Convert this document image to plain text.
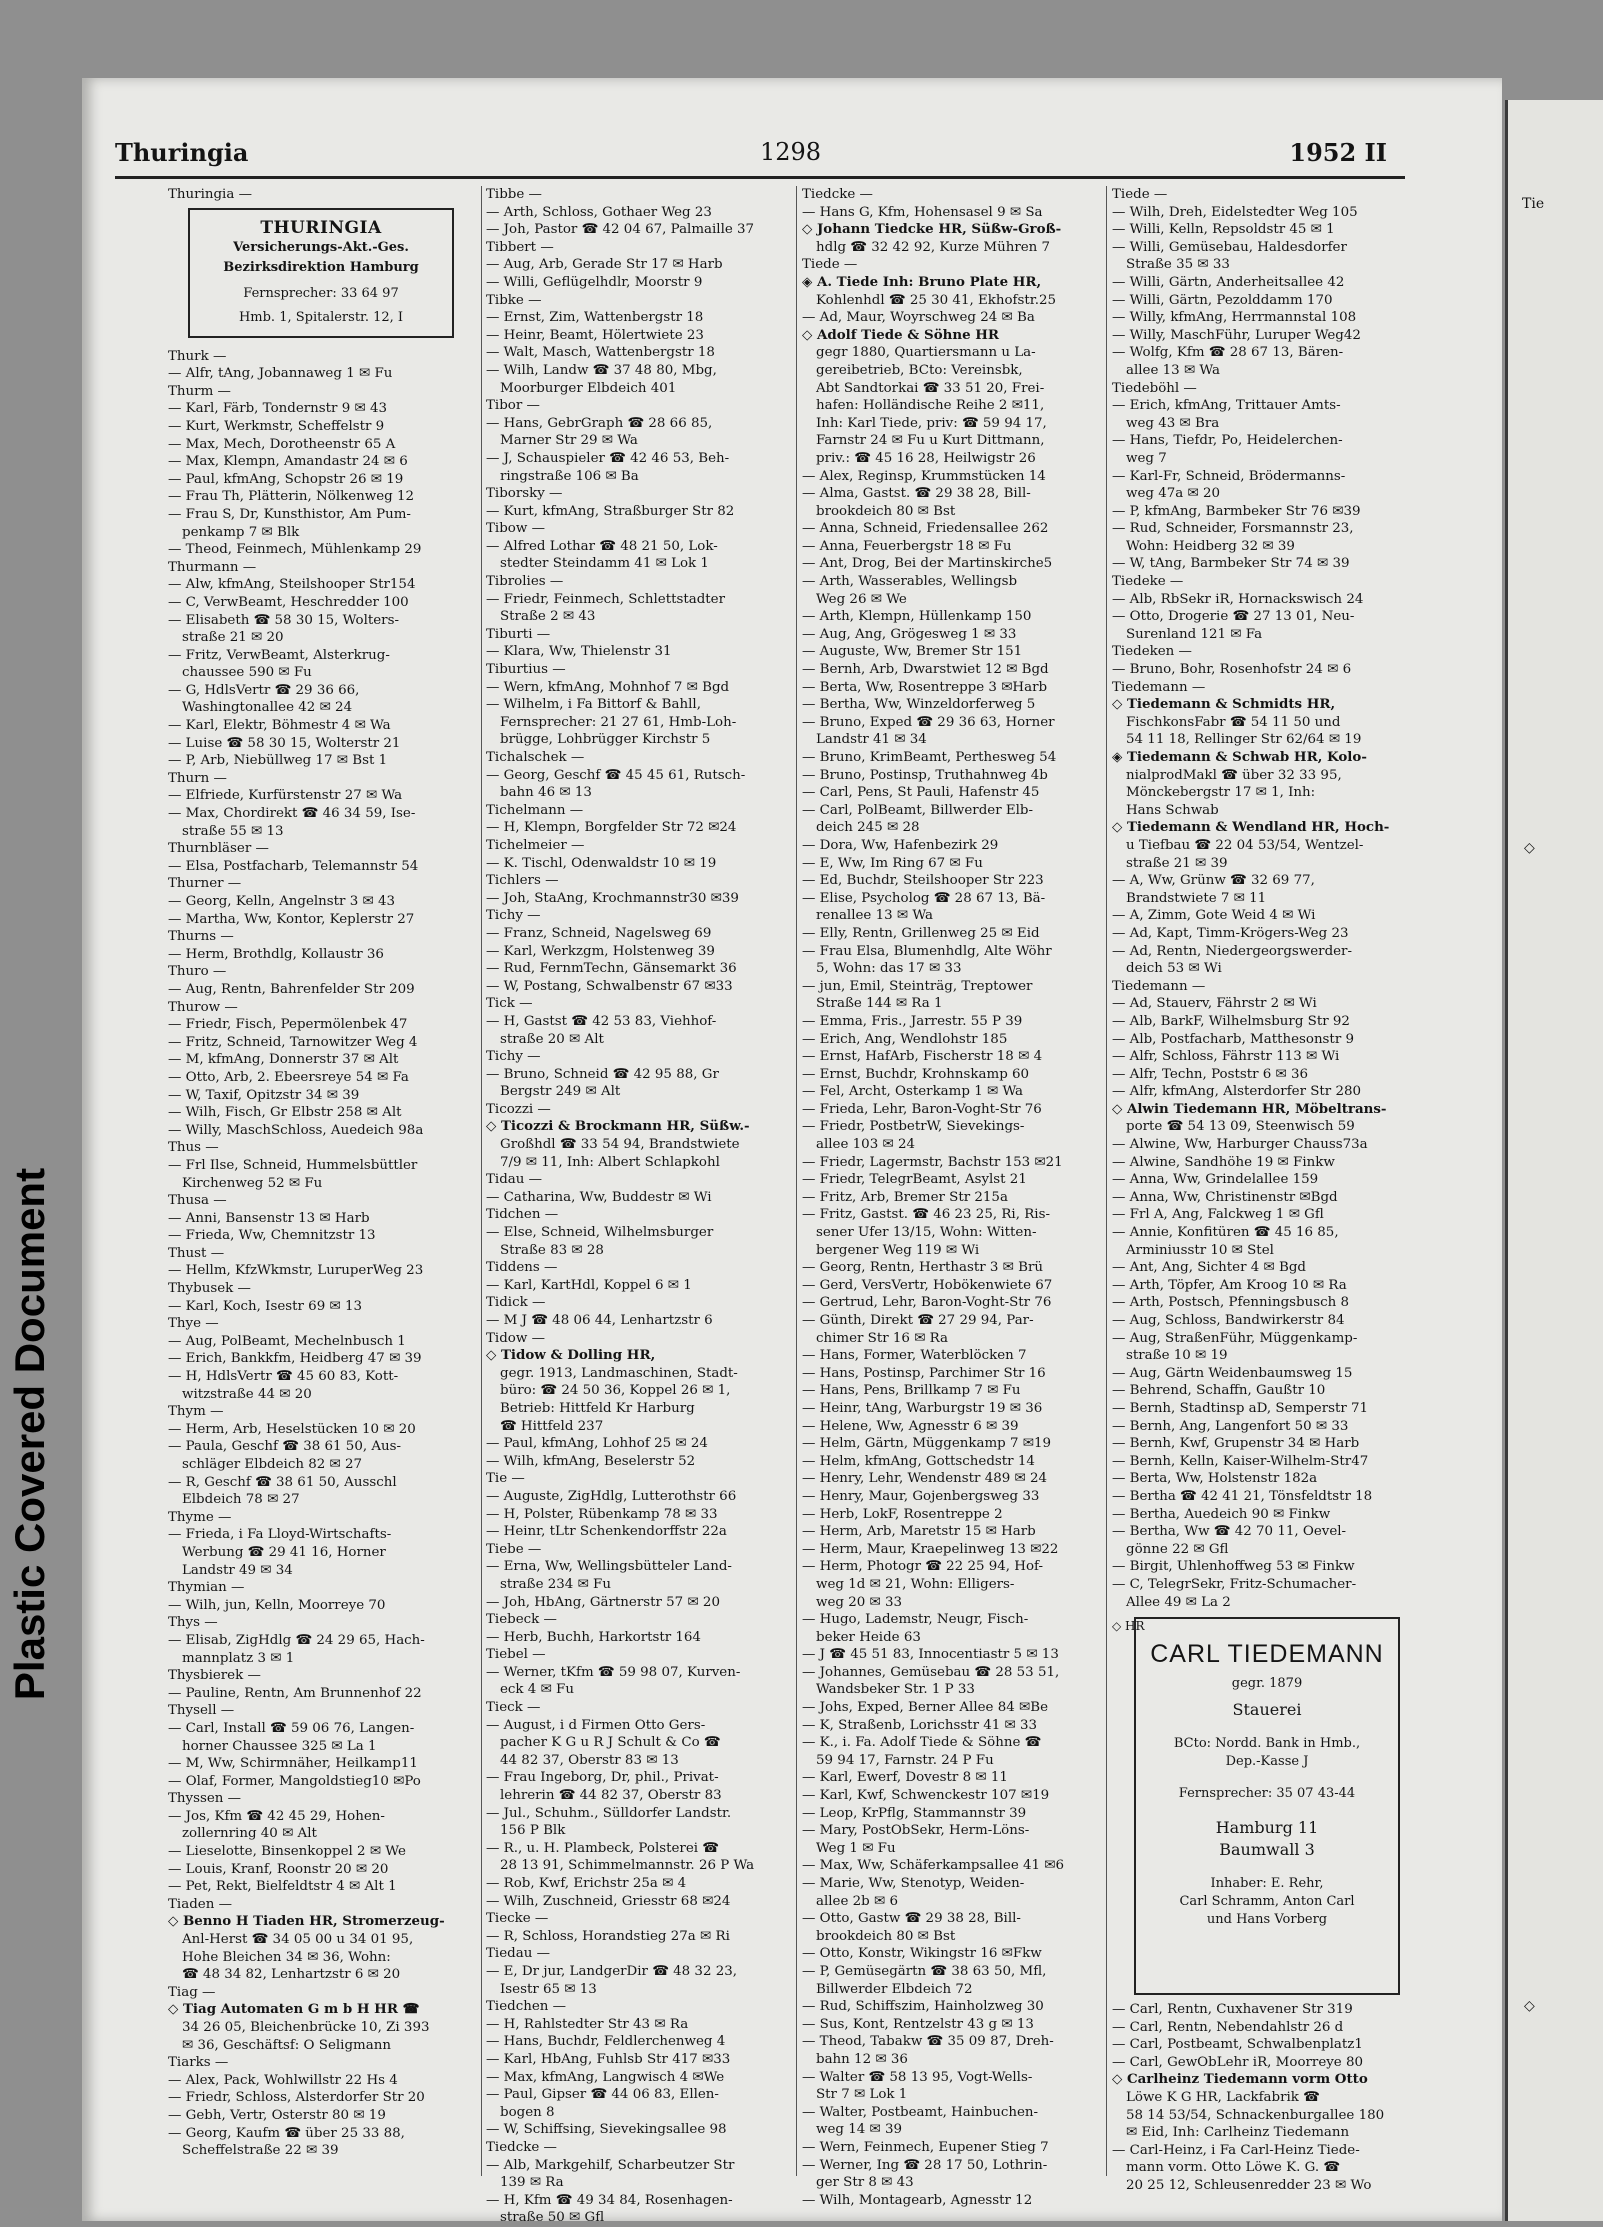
Plastic Covered Document
Tie
◇
◇
Thuringia	1298	1952 II
Thuringia —
THURINGIA
Versicherungs-Akt.-Ges.
Bezirksdirektion Hamburg
Fernsprecher: 33 64 97
Hmb. 1, Spitalerstr. 12, I
Thurk —
— Alfr, tAng, Jobannaweg 1 ✉ Fu
Thurm —
— Karl, Färb, Tondernstr 9 ✉ 43
— Kurt, Werkmstr, Scheffelstr 9
— Max, Mech, Dorotheenstr 65 A
— Max, Klempn, Amandastr 24 ✉ 6
— Paul, kfmAng, Schopstr 26 ✉ 19
— Frau Th, Plätterin, Nölkenweg 12
— Frau S, Dr, Kunsthistor, Am Pum-
penkamp 7 ✉ Blk
— Theod, Feinmech, Mühlenkamp 29
Thurmann —
— Alw, kfmAng, Steilshooper Str154
— C, VerwBeamt, Heschredder 100
— Elisabeth ☎ 58 30 15, Wolters-
straße 21 ✉ 20
— Fritz, VerwBeamt, Alsterkrug-
chaussee 590 ✉ Fu
— G, HdlsVertr ☎ 29 36 66,
Washingtonallee 42 ✉ 24
— Karl, Elektr, Böhmestr 4 ✉ Wa
— Luise ☎ 58 30 15, Wolterstr 21
— P, Arb, Niebüllweg 17 ✉ Bst 1
Thurn —
— Elfriede, Kurfürstenstr 27 ✉ Wa
— Max, Chordirekt ☎ 46 34 59, Ise-
straße 55 ✉ 13
Thurnbläser —
— Elsa, Postfacharb, Telemannstr 54
Thurner —
— Georg, Kelln, Angelnstr 3 ✉ 43
— Martha, Ww, Kontor, Keplerstr 27
Thurns —
— Herm, Brothdlg, Kollaustr 36
Thuro —
— Aug, Rentn, Bahrenfelder Str 209
Thurow —
— Friedr, Fisch, Pepermölenbek 47
— Fritz, Schneid, Tarnowitzer Weg 4
— M, kfmAng, Donnerstr 37 ✉ Alt
— Otto, Arb, 2. Ebeersreye 54 ✉ Fa
— W, Taxif, Opitzstr 34 ✉ 39
— Wilh, Fisch, Gr Elbstr 258 ✉ Alt
— Willy, MaschSchloss, Auedeich 98a
Thus —
— Frl Ilse, Schneid, Hummelsbüttler
Kirchenweg 52 ✉ Fu
Thusa —
— Anni, Bansenstr 13 ✉ Harb
— Frieda, Ww, Chemnitzstr 13
Thust —
— Hellm, KfzWkmstr, LuruperWeg 23
Thybusek —
— Karl, Koch, Isestr 69 ✉ 13
Thye —
— Aug, PolBeamt, Mechelnbusch 1
— Erich, Bankkfm, Heidberg 47 ✉ 39
— H, HdlsVertr ☎ 45 60 83, Kott-
witzstraße 44 ✉ 20
Thym —
— Herm, Arb, Heselstücken 10 ✉ 20
— Paula, Geschf ☎ 38 61 50, Aus-
schläger Elbdeich 82 ✉ 27
— R, Geschf ☎ 38 61 50, Ausschl
Elbdeich 78 ✉ 27
Thyme —
— Frieda, i Fa Lloyd-Wirtschafts-
Werbung ☎ 29 41 16, Horner
Landstr 49 ✉ 34
Thymian —
— Wilh, jun, Kelln, Moorreye 70
Thys —
— Elisab, ZigHdlg ☎ 24 29 65, Hach-
mannplatz 3 ✉ 1
Thysbierek —
— Pauline, Rentn, Am Brunnenhof 22
Thysell —
— Carl, Install ☎ 59 06 76, Langen-
horner Chaussee 325 ✉ La 1
— M, Ww, Schirmnäher, Heilkamp11
— Olaf, Former, Mangoldstieg10 ✉Po
Thyssen —
— Jos, Kfm ☎ 42 45 29, Hohen-
zollernring 40 ✉ Alt
— Lieselotte, Binsenkoppel 2 ✉ We
— Louis, Kranf, Roonstr 20 ✉ 20
— Pet, Rekt, Bielfeldtstr 4 ✉ Alt 1
Tiaden —
◇ Benno H Tiaden HR, Stromerzeug-
Anl-Herst ☎ 34 05 00 u 34 01 95,
Hohe Bleichen 34 ✉ 36, Wohn:
☎ 48 34 82, Lenhartzstr 6 ✉ 20
Tiag —
◇ Tiag Automaten G m b H HR ☎
34 26 05, Bleichenbrücke 10, Zi 393
✉ 36, Geschäftsf: O Seligmann
Tiarks —
— Alex, Pack, Wohlwillstr 22 Hs 4
— Friedr, Schloss, Alsterdorfer Str 20
— Gebh, Vertr, Osterstr 80 ✉ 19
— Georg, Kaufm ☎ über 25 33 88,
Scheffelstraße 22 ✉ 39
Tibbe —
— Arth, Schloss, Gothaer Weg 23
— Joh, Pastor ☎ 42 04 67, Palmaille 37
Tibbert —
— Aug, Arb, Gerade Str 17 ✉ Harb
— Willi, Geflügelhdlr, Moorstr 9
Tibke —
— Ernst, Zim, Wattenbergstr 18
— Heinr, Beamt, Hölertwiete 23
— Walt, Masch, Wattenbergstr 18
— Wilh, Landw ☎ 37 48 80, Mbg,
Moorburger Elbdeich 401
Tibor —
— Hans, GebrGraph ☎ 28 66 85,
Marner Str 29 ✉ Wa
— J, Schauspieler ☎ 42 46 53, Beh-
ringstraße 106 ✉ Ba
Tiborsky —
— Kurt, kfmAng, Straßburger Str 82
Tibow —
— Alfred Lothar ☎ 48 21 50, Lok-
stedter Steindamm 41 ✉ Lok 1
Tibrolies —
— Friedr, Feinmech, Schlettstadter
Straße 2 ✉ 43
Tiburti —
— Klara, Ww, Thielenstr 31
Tiburtius —
— Wern, kfmAng, Mohnhof 7 ✉ Bgd
— Wilhelm, i Fa Bittorf & Bahll,
Fernsprecher: 21 27 61, Hmb-Loh-
brügge, Lohbrügger Kirchstr 5
Tichalschek —
— Georg, Geschf ☎ 45 45 61, Rutsch-
bahn 46 ✉ 13
Tichelmann —
— H, Klempn, Borgfelder Str 72 ✉24
Tichelmeier —
— K. Tischl, Odenwaldstr 10 ✉ 19
Tichlers —
— Joh, StaAng, Krochmannstr30 ✉39
Tichy —
— Franz, Schneid, Nagelsweg 69
— Karl, Werkzgm, Holstenweg 39
— Rud, FernmTechn, Gänsemarkt 36
— W, Postang, Schwalbenstr 67 ✉33
Tick —
— H, Gastst ☎ 42 53 83, Viehhof-
straße 20 ✉ Alt
Tichy —
— Bruno, Schneid ☎ 42 95 88, Gr
Bergstr 249 ✉ Alt
Ticozzi —
◇ Ticozzi & Brockmann HR, Süßw.-
Großhdl ☎ 33 54 94, Brandstwiete
7/9 ✉ 11, Inh: Albert Schlapkohl
Tidau —
— Catharina, Ww, Buddestr ✉ Wi
Tidchen —
— Else, Schneid, Wilhelmsburger
Straße 83 ✉ 28
Tiddens —
— Karl, KartHdl, Koppel 6 ✉ 1
Tidick —
— M J ☎ 48 06 44, Lenhartzstr 6
Tidow —
◇ Tidow & Dolling HR,
gegr. 1913, Landmaschinen, Stadt-
büro: ☎ 24 50 36, Koppel 26 ✉ 1,
Betrieb: Hittfeld Kr Harburg
☎ Hittfeld 237
— Paul, kfmAng, Lohhof 25 ✉ 24
— Wilh, kfmAng, Beselerstr 52
Tie —
— Auguste, ZigHdlg, Lutterothstr 66
— H, Polster, Rübenkamp 78 ✉ 33
— Heinr, tLtr Schenkendorffstr 22a
Tiebe —
— Erna, Ww, Wellingsbütteler Land-
straße 234 ✉ Fu
— Joh, HbAng, Gärtnerstr 57 ✉ 20
Tiebeck —
— Herb, Buchh, Harkortstr 164
Tiebel —
— Werner, tKfm ☎ 59 98 07, Kurven-
eck 4 ✉ Fu
Tieck —
— August, i d Firmen Otto Gers-
pacher K G u R J Schult & Co ☎
44 82 37, Oberstr 83 ✉ 13
— Frau Ingeborg, Dr, phil., Privat-
lehrerin ☎ 44 82 37, Oberstr 83
— Jul., Schuhm., Sülldorfer Landstr.
156 P Blk
— R., u. H. Plambeck, Polsterei ☎
28 13 91, Schimmelmannstr. 26 P Wa
— Rob, Kwf, Erichstr 25a ✉ 4
— Wilh, Zuschneid, Griesstr 68 ✉24
Tiecke —
— R, Schloss, Horandstieg 27a ✉ Ri
Tiedau —
— E, Dr jur, LandgerDir ☎ 48 32 23,
Isestr 65 ✉ 13
Tiedchen —
— H, Rahlstedter Str 43 ✉ Ra
— Hans, Buchdr, Feldlerchenweg 4
— Karl, HbAng, Fuhlsb Str 417 ✉33
— Max, kfmAng, Langwisch 4 ✉We
— Paul, Gipser ☎ 44 06 83, Ellen-
bogen 8
— W, Schiffsing, Sievekingsallee 98
Tiedcke —
— Alb, Markgehilf, Scharbeutzer Str
139 ✉ Ra
— H, Kfm ☎ 49 34 84, Rosenhagen-
straße 50 ✉ Gfl
Tiedcke —
— Hans G, Kfm, Hohensasel 9 ✉ Sa
◇ Johann Tiedcke HR, Süßw-Groß-
hdlg ☎ 32 42 92, Kurze Mühren 7
Tiede —
◈ A. Tiede Inh: Bruno Plate HR,
Kohlenhdl ☎ 25 30 41, Ekhofstr.25
— Ad, Maur, Woyrschweg 24 ✉ Ba
◇ Adolf Tiede & Söhne HR
gegr 1880, Quartiersmann u La-
gereibetrieb, BCto: Vereinsbk,
Abt Sandtorkai ☎ 33 51 20, Frei-
hafen: Holländische Reihe 2 ✉11,
Inh: Karl Tiede, priv: ☎ 59 94 17,
Farnstr 24 ✉ Fu u Kurt Dittmann,
priv.: ☎ 45 16 28, Heilwigstr 26
— Alex, Reginsp, Krummstücken 14
— Alma, Gastst. ☎ 29 38 28, Bill-
brookdeich 80 ✉ Bst
— Anna, Schneid, Friedensallee 262
— Anna, Feuerbergstr 18 ✉ Fu
— Ant, Drog, Bei der Martinskirche5
— Arth, Wasserables, Wellingsb
Weg 26 ✉ We
— Arth, Klempn, Hüllenkamp 150
— Aug, Ang, Grögesweg 1 ✉ 33
— Auguste, Ww, Bremer Str 151
— Bernh, Arb, Dwarstwiet 12 ✉ Bgd
— Berta, Ww, Rosentreppe 3 ✉Harb
— Bertha, Ww, Winzeldorferweg 5
— Bruno, Exped ☎ 29 36 63, Horner
Landstr 41 ✉ 34
— Bruno, KrimBeamt, Perthesweg 54
— Bruno, Postinsp, Truthahnweg 4b
— Carl, Pens, St Pauli, Hafenstr 45
— Carl, PolBeamt, Billwerder Elb-
deich 245 ✉ 28
— Dora, Ww, Hafenbezirk 29
— E, Ww, Im Ring 67 ✉ Fu
— Ed, Buchdr, Steilshooper Str 223
— Elise, Psycholog ☎ 28 67 13, Bä-
renallee 13 ✉ Wa
— Elly, Rentn, Grillenweg 25 ✉ Eid
— Frau Elsa, Blumenhdlg, Alte Wöhr
5, Wohn: das 17 ✉ 33
— jun, Emil, Steinträg, Treptower
Straße 144 ✉ Ra 1
— Emma, Fris., Jarrestr. 55 P 39
— Erich, Ang, Wendlohstr 185
— Ernst, HafArb, Fischerstr 18 ✉ 4
— Ernst, Buchdr, Krohnskamp 60
— Fel, Archt, Osterkamp 1 ✉ Wa
— Frieda, Lehr, Baron-Voght-Str 76
— Friedr, PostbetrW, Sievekings-
allee 103 ✉ 24
— Friedr, Lagermstr, Bachstr 153 ✉21
— Friedr, TelegrBeamt, Asylst 21
— Fritz, Arb, Bremer Str 215a
— Fritz, Gastst. ☎ 46 23 25, Ri, Ris-
sener Ufer 13/15, Wohn: Witten-
bergener Weg 119 ✉ Wi
— Georg, Rentn, Herthastr 3 ✉ Brü
— Gerd, VersVertr, Hobökenwiete 67
— Gertrud, Lehr, Baron-Voght-Str 76
— Günth, Direkt ☎ 27 29 94, Par-
chimer Str 16 ✉ Ra
— Hans, Former, Waterblöcken 7
— Hans, Postinsp, Parchimer Str 16
— Hans, Pens, Brillkamp 7 ✉ Fu
— Heinr, tAng, Warburgstr 19 ✉ 36
— Helene, Ww, Agnesstr 6 ✉ 39
— Helm, Gärtn, Müggenkamp 7 ✉19
— Helm, kfmAng, Gottschedstr 14
— Henry, Lehr, Wendenstr 489 ✉ 24
— Henry, Maur, Gojenbergsweg 33
— Herb, LokF, Rosentreppe 2
— Herm, Arb, Maretstr 15 ✉ Harb
— Herm, Maur, Kraepelinweg 13 ✉22
— Herm, Photogr ☎ 22 25 94, Hof-
weg 1d ✉ 21, Wohn: Elligers-
weg 20 ✉ 33
— Hugo, Lademstr, Neugr, Fisch-
beker Heide 63
— J ☎ 45 51 83, Innocentiastr 5 ✉ 13
— Johannes, Gemüsebau ☎ 28 53 51,
Wandsbeker Str. 1 P 33
— Johs, Exped, Berner Allee 84 ✉Be
— K, Straßenb, Lorichsstr 41 ✉ 33
— K., i. Fa. Adolf Tiede & Söhne ☎
59 94 17, Farnstr. 24 P Fu
— Karl, Ewerf, Dovestr 8 ✉ 11
— Karl, Kwf, Schwenckestr 107 ✉19
— Leop, KrPflg, Stammannstr 39
— Mary, PostObSekr, Herm-Löns-
Weg 1 ✉ Fu
— Max, Ww, Schäferkampsallee 41 ✉6
— Marie, Ww, Stenotyp, Weiden-
allee 2b ✉ 6
— Otto, Gastw ☎ 29 38 28, Bill-
brookdeich 80 ✉ Bst
— Otto, Konstr, Wikingstr 16 ✉Fkw
— P, Gemüsegärtn ☎ 38 63 50, Mfl,
Billwerder Elbdeich 72
— Rud, Schiffszim, Hainholzweg 30
— Sus, Kont, Rentzelstr 43 g ✉ 13
— Theod, Tabakw ☎ 35 09 87, Dreh-
bahn 12 ✉ 36
— Walter ☎ 58 13 95, Vogt-Wells-
Str 7 ✉ Lok 1
— Walter, Postbeamt, Hainbuchen-
weg 14 ✉ 39
— Wern, Feinmech, Eupener Stieg 7
— Werner, Ing ☎ 28 17 50, Lothrin-
ger Str 8 ✉ 43
— Wilh, Montagearb, Agnesstr 12
Tiede —
— Wilh, Dreh, Eidelstedter Weg 105
— Willi, Kelln, Repsoldstr 45 ✉ 1
— Willi, Gemüsebau, Haldesdorfer
Straße 35 ✉ 33
— Willi, Gärtn, Anderheitsallee 42
— Willi, Gärtn, Pezolddamm 170
— Willy, kfmAng, Herrmannstal 108
— Willy, MaschFühr, Luruper Weg42
— Wolfg, Kfm ☎ 28 67 13, Bären-
allee 13 ✉ Wa
Tiedeböhl —
— Erich, kfmAng, Trittauer Amts-
weg 43 ✉ Bra
— Hans, Tiefdr, Po, Heidelerchen-
weg 7
— Karl-Fr, Schneid, Brödermanns-
weg 47a ✉ 20
— P, kfmAng, Barmbeker Str 76 ✉39
— Rud, Schneider, Forsmannstr 23,
Wohn: Heidberg 32 ✉ 39
— W, tAng, Barmbeker Str 74 ✉ 39
Tiedeke —
— Alb, RbSekr iR, Hornackswisch 24
— Otto, Drogerie ☎ 27 13 01, Neu-
Surenland 121 ✉ Fa
Tiedeken —
— Bruno, Bohr, Rosenhofstr 24 ✉ 6
Tiedemann —
◇ Tiedemann & Schmidts HR,
FischkonsFabr ☎ 54 11 50 und
54 11 18, Rellinger Str 62/64 ✉ 19
◈ Tiedemann & Schwab HR, Kolo-
nialprodMakl ☎ über 32 33 95,
Mönckebergstr 17 ✉ 1, Inh:
Hans Schwab
◇ Tiedemann & Wendland HR, Hoch-
u Tiefbau ☎ 22 04 53/54, Wentzel-
straße 21 ✉ 39
— A, Ww, Grünw ☎ 32 69 77,
Brandstwiete 7 ✉ 11
— A, Zimm, Gote Weid 4 ✉ Wi
— Ad, Kapt, Timm-Krögers-Weg 23
— Ad, Rentn, Niedergeorgswerder-
deich 53 ✉ Wi
Tiedemann —
— Ad, Stauerv, Fährstr 2 ✉ Wi
— Alb, BarkF, Wilhelmsburg Str 92
— Alb, Postfacharb, Matthesonstr 9
— Alfr, Schloss, Fährstr 113 ✉ Wi
— Alfr, Techn, Poststr 6 ✉ 36
— Alfr, kfmAng, Alsterdorfer Str 280
◇ Alwin Tiedemann HR, Möbeltrans-
porte ☎ 54 13 09, Steenwisch 59
— Alwine, Ww, Harburger Chauss73a
— Alwine, Sandhöhe 19 ✉ Finkw
— Anna, Ww, Grindelallee 159
— Anna, Ww, Christinenstr ✉Bgd
— Frl A, Ang, Falckweg 1 ✉ Gfl
— Annie, Konfitüren ☎ 45 16 85,
Arminiusstr 10 ✉ Stel
— Ant, Ang, Sichter 4 ✉ Bgd
— Arth, Töpfer, Am Kroog 10 ✉ Ra
— Arth, Postsch, Pfenningsbusch 8
— Aug, Schloss, Bandwirkerstr 84
— Aug, StraßenFühr, Müggenkamp-
straße 10 ✉ 19
— Aug, Gärtn Weidenbaumsweg 15
— Behrend, Schaffn, Gaußtr 10
— Bernh, Stadtinsp aD, Semperstr 71
— Bernh, Ang, Langenfort 50 ✉ 33
— Bernh, Kwf, Grupenstr 34 ✉ Harb
— Bernh, Kelln, Kaiser-Wilhelm-Str47
— Berta, Ww, Holstenstr 182a
— Bertha ☎ 42 41 21, Tönsfeldtstr 18
— Bertha, Auedeich 90 ✉ Finkw
— Bertha, Ww ☎ 42 70 11, Oevel-
gönne 22 ✉ Gfl
— Birgit, Uhlenhoffweg 53 ✉ Finkw
— C, TelegrSekr, Fritz-Schumacher-
Allee 49 ✉ La 2
◇ HR
CARL TIEDEMANN
gegr. 1879
Stauerei
BCto: Nordd. Bank in Hmb.,
Dep.-Kasse J
Fernsprecher: 35 07 43-44
Hamburg 11
Baumwall 3
Inhaber: E. Rehr,
Carl Schramm, Anton Carl
und Hans Vorberg
— Carl, Rentn, Cuxhavener Str 319
— Carl, Rentn, Nebendahlstr 26 d
— Carl, Postbeamt, Schwalbenplatz1
— Carl, GewObLehr iR, Moorreye 80
◇ Carlheinz Tiedemann vorm Otto
Löwe K G HR, Lackfabrik ☎
58 14 53/54, Schnackenburgallee 180
✉ Eid, Inh: Carlheinz Tiedemann
— Carl-Heinz, i Fa Carl-Heinz Tiede-
mann vorm. Otto Löwe K. G. ☎
20 25 12, Schleusenredder 23 ✉ Wo
